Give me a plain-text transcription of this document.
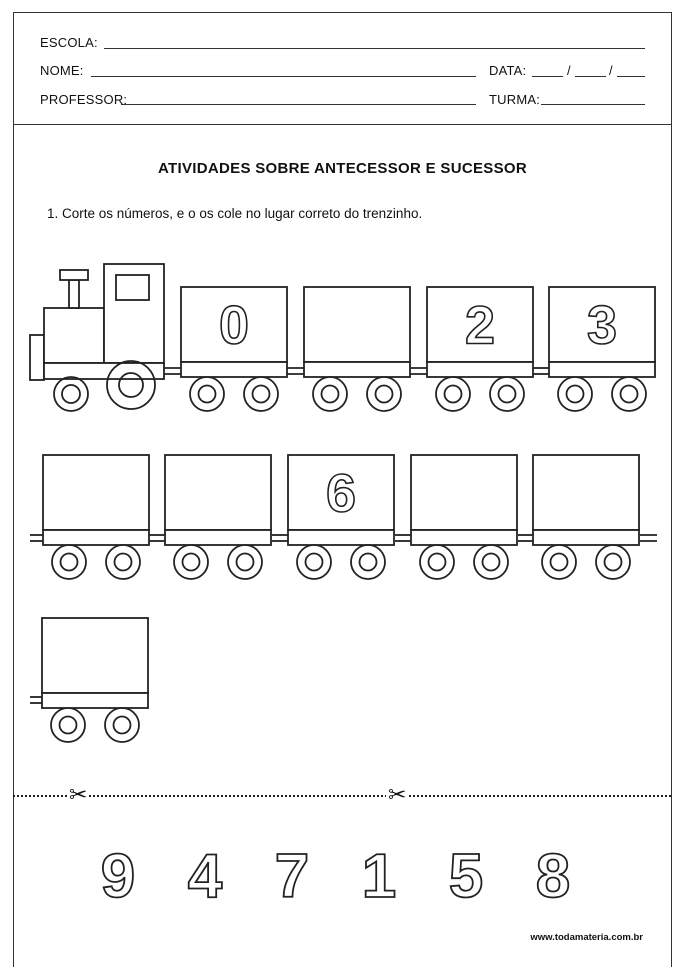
ESCOLA:
NOME:	DATA:	/	/
PROFESSOR:	TURMA:
ATIVIDADES SOBRE ANTECESSOR E SUCESSOR
1. Corte os números, e o os cole no lugar correto do trenzinho.
0	2 3
6
9 4 7 1 5 8
✂	✂
www.todamateria.com.br
